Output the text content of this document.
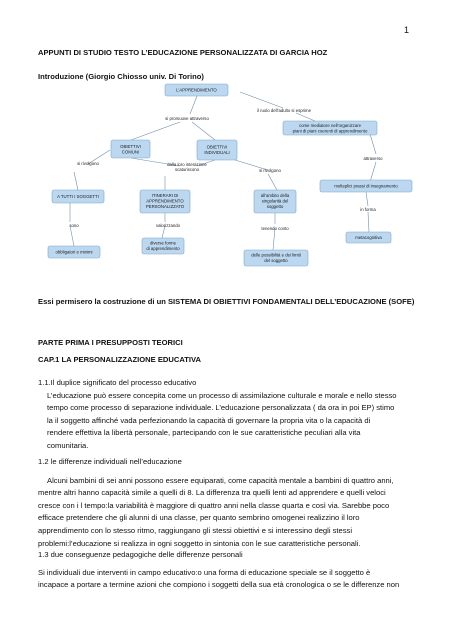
1
APPUNTI DI STUDIO TESTO L’EDUCAZIONE PERSONALIZZATA DI GARCIA HOZ
Introduzione (Giorgio Chiosso univ. Di Torino)
L’APPRENDIMENTO
come mediatore nell’organizzare
piani di piani coerenti di apprendimento
OBIETTIVI
COMUNI
OBIETTIVI
INDIVIDUALI
molteplici prassi di insegnamento
A TUTTI I SOGGETTI	ITINERARI DI
APPRENDIMENTO
PERSONALIZZATO
all’ambito della
singolarità del
soggetto
metacognitiva
obbligatori e minimi
diverse forme
di apprendimento
delle possibilità e dei limiti
del soggetto
il ruolo dell’adulto si esprime
si promuove attraverso
dalla loro interazione
scaturiscono
si rivolgono
si rivolgono
attraverso
sono	valorizzando
tenendo conto
in forma
Essi permisero la costruzione di un SISTEMA DI OBIETTIVI FONDAMENTALI DELL’EDUCAZIONE (SOFE)
PARTE PRIMA I PRESUPPOSTI TEORICI
CAP.1 LA PERSONALIZZAZIONE EDUCATIVA
1.1.Il duplice significato del processo educativo
L’educazione può essere concepita come un processo di assimilazione culturale e morale e nello stesso
tempo come processo di separazione individuale. L’educazione personalizzata ( da ora in poi EP) stimo
la il soggetto affinché vada perfezionando la capacità di governare la propria vita o la capacità di
rendere effettiva la libertà personale, partecipando con le sue caratteristiche peculiari alla vita
comunitaria.
1.2 le differenze individuali nell’educazione
Alcuni bambini di sei anni possono essere equiparati, come capacità mentale a bambini di quattro anni,
mentre altri hanno capacità simile a quelli di 8. La differenza tra quelli lenti ad apprendere e quelli veloci
cresce con i l tempo:la variabilità è maggiore di quattro anni nella classe quarta e così via. Sarebbe poco
efficace pretendere che gli alunni di una classe, per quanto sembrino omogenei realizzino il loro
apprendimento con lo stesso ritmo, raggiungano gli stessi obiettivi e si interessino degli stessi
problemi:l’educazione si realizza in ogni soggetto in sintonia con le sue caratteristiche personali.
1.3 due conseguenze pedagogiche delle differenze personali
Si individuali due interventi in campo educativo:o una forma di educazione speciale se il soggetto è
incapace a portare a termine azioni che compiono i soggetti della sua età cronologica o se le differenze non
